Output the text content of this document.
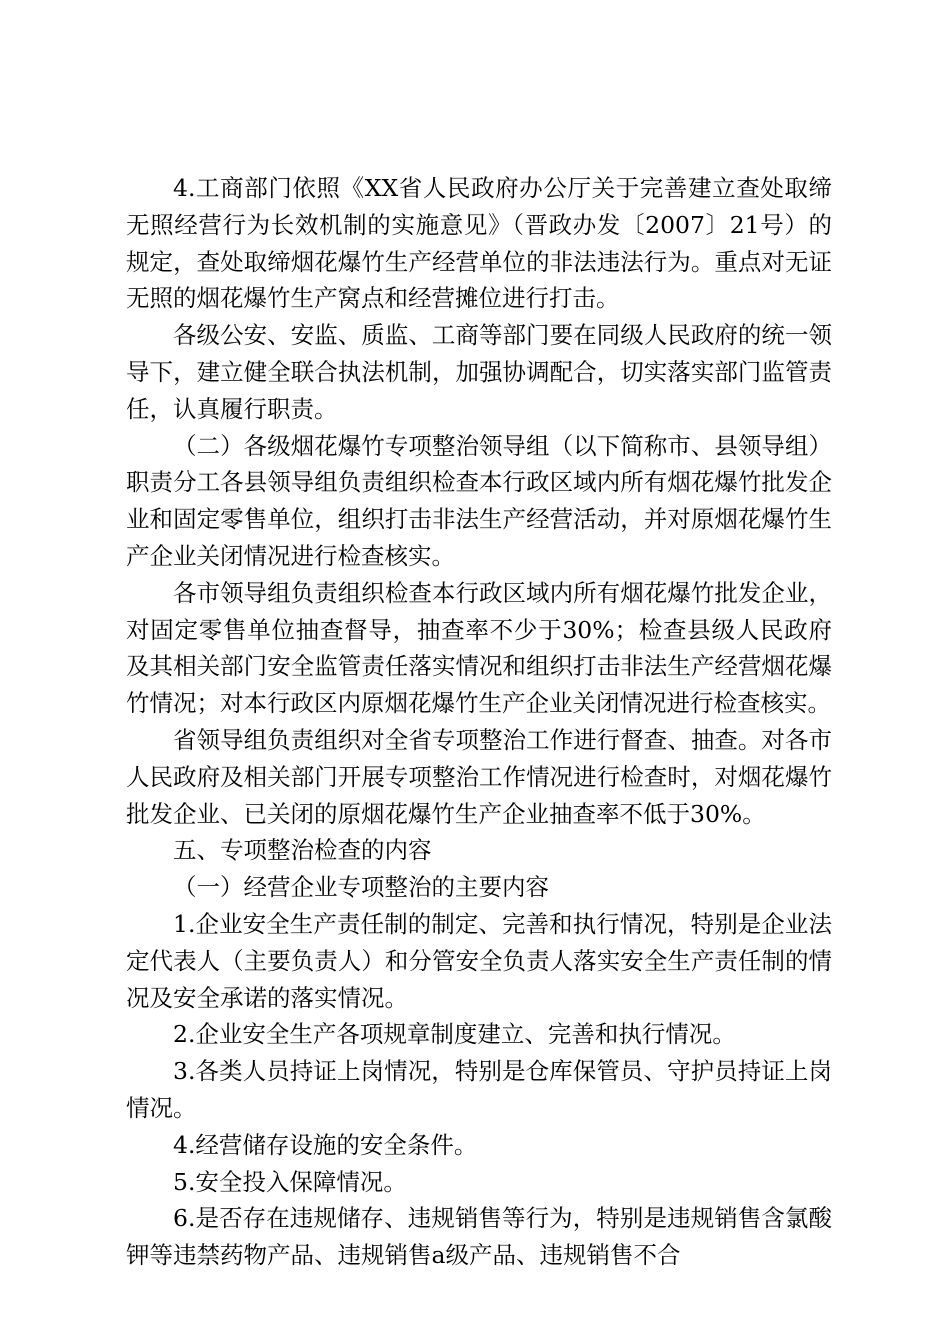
4.工商部门依照《XX省人民政府办公厅关于完善建立查处取缔无照经营行为长效机制的实施意见》（晋政办发〔2007〕21号）的规定，查处取缔烟花爆竹生产经营单位的非法违法行为。重点对无证无照的烟花爆竹生产窝点和经营摊位进行打击。

各级公安、安监、质监、工商等部门要在同级人民政府的统一领导下，建立健全联合执法机制，加强协调配合，切实落实部门监管责任，认真履行职责。

（二）各级烟花爆竹专项整治领导组（以下简称市、县领导组）职责分工各县领导组负责组织检查本行政区域内所有烟花爆竹批发企业和固定零售单位，组织打击非法生产经营活动，并对原烟花爆竹生产企业关闭情况进行检查核实。

各市领导组负责组织检查本行政区域内所有烟花爆竹批发企业，对固定零售单位抽查督导，抽查率不少于30%；检查县级人民政府及其相关部门安全监管责任落实情况和组织打击非法生产经营烟花爆竹情况；对本行政区内原烟花爆竹生产企业关闭情况进行检查核实。

省领导组负责组织对全省专项整治工作进行督查、抽查。对各市人民政府及相关部门开展专项整治工作情况进行检查时，对烟花爆竹批发企业、已关闭的原烟花爆竹生产企业抽查率不低于30%。

五、专项整治检查的内容

（一）经营企业专项整治的主要内容

1.企业安全生产责任制的制定、完善和执行情况，特别是企业法定代表人（主要负责人）和分管安全负责人落实安全生产责任制的情况及安全承诺的落实情况。

2.企业安全生产各项规章制度建立、完善和执行情况。

3.各类人员持证上岗情况，特别是仓库保管员、守护员持证上岗情况。

4.经营储存设施的安全条件。

5.安全投入保障情况。

6.是否存在违规储存、违规销售等行为，特别是违规销售含氯酸钾等违禁药物产品、违规销售a级产品、违规销售不合
